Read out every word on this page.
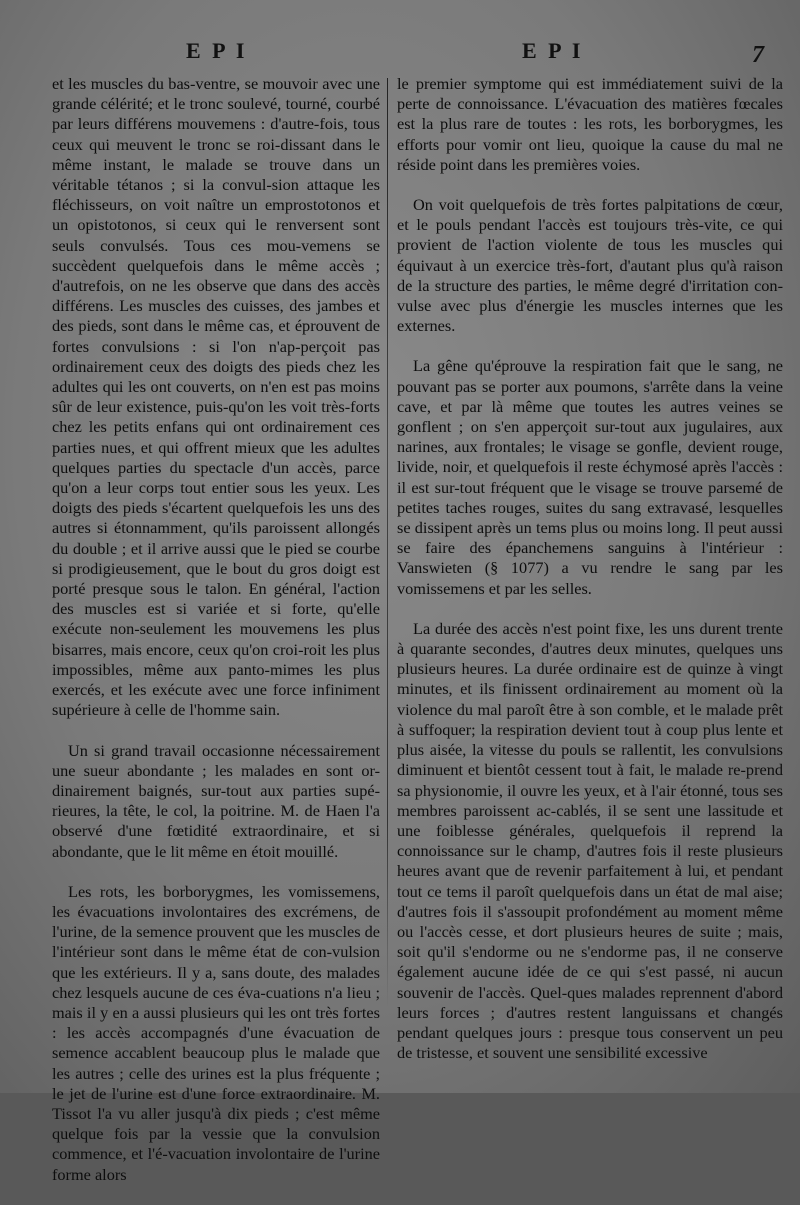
E P I	E P I	7

et les muscles du bas-ventre, se mouvoir avec une grande célérité; et le tronc soulevé, tourné, courbé par leurs différens mouvemens : d'autre-fois, tous ceux qui meuvent le tronc se roi-dissant dans le même instant, le malade se trouve dans un véritable tétanos ; si la convul-sion attaque les fléchisseurs, on voit naître un emprostotonos et un opistotonos, si ceux qui le renversent sont seuls convulsés. Tous ces mou-vemens se succèdent quelquefois dans le même accès ; d'autrefois, on ne les observe que dans des accès différens. Les muscles des cuisses, des jambes et des pieds, sont dans le même cas, et éprouvent de fortes convulsions : si l'on n'ap-perçoit pas ordinairement ceux des doigts des pieds chez les adultes qui les ont couverts, on n'en est pas moins sûr de leur existence, puis-qu'on les voit très-forts chez les petits enfans qui ont ordinairement ces parties nues, et qui offrent mieux que les adultes quelques parties du spectacle d'un accès, parce qu'on a leur corps tout entier sous les yeux. Les doigts des pieds s'écartent quelquefois les uns des autres si étonnamment, qu'ils paroissent allongés du double ; et il arrive aussi que le pied se courbe si prodigieusement, que le bout du gros doigt est porté presque sous le talon. En général, l'action des muscles est si variée et si forte, qu'elle exécute non-seulement les mouvemens les plus bisarres, mais encore, ceux qu'on croi-roit les plus impossibles, même aux panto-mimes les plus exercés, et les exécute avec une force infiniment supérieure à celle de l'homme sain.

Un si grand travail occasionne nécessairement une sueur abondante ; les malades en sont or-dinairement baignés, sur-tout aux parties supé-rieures, la tête, le col, la poitrine. M. de Haen l'a observé d'une fœtidité extraordinaire, et si abondante, que le lit même en étoit mouillé.

Les rots, les borborygmes, les vomissemens, les évacuations involontaires des excrémens, de l'urine, de la semence prouvent que les muscles de l'intérieur sont dans le même état de con-vulsion que les extérieurs. Il y a, sans doute, des malades chez lesquels aucune de ces éva-cuations n'a lieu ; mais il y en a aussi plusieurs qui les ont très fortes : les accès accompagnés d'une évacuation de semence accablent beaucoup plus le malade que les autres ; celle des urines est la plus fréquente ; le jet de l'urine est d'une force extraordinaire. M. Tissot l'a vu aller jusqu'à dix pieds ; c'est même quelque fois par la vessie que la convulsion commence, et l'é-vacuation involontaire de l'urine forme alors

le premier symptome qui est immédiatement suivi de la perte de connoissance. L'évacuation des matières fœcales est la plus rare de toutes : les rots, les borborygmes, les efforts pour vomir ont lieu, quoique la cause du mal ne réside point dans les premières voies.

On voit quelquefois de très fortes palpitations de cœur, et le pouls pendant l'accès est toujours très-vite, ce qui provient de l'action violente de tous les muscles qui équivaut à un exercice très-fort, d'autant plus qu'à raison de la structure des parties, le même degré d'irritation con-vulse avec plus d'énergie les muscles internes que les externes.

La gêne qu'éprouve la respiration fait que le sang, ne pouvant pas se porter aux poumons, s'arrête dans la veine cave, et par là même que toutes les autres veines se gonflent ; on s'en apperçoit sur-tout aux jugulaires, aux narines, aux frontales; le visage se gonfle, devient rouge, livide, noir, et quelquefois il reste échymosé après l'accès : il est sur-tout fréquent que le visage se trouve parsemé de petites taches rouges, suites du sang extravasé, lesquelles se dissipent après un tems plus ou moins long. Il peut aussi se faire des épanchemens sanguins à l'intérieur : Vanswieten (§ 1077) a vu rendre le sang par les vomissemens et par les selles.

La durée des accès n'est point fixe, les uns durent trente à quarante secondes, d'autres deux minutes, quelques uns plusieurs heures. La durée ordinaire est de quinze à vingt minutes, et ils finissent ordinairement au moment où la violence du mal paroît être à son comble, et le malade prêt à suffoquer; la respiration devient tout à coup plus lente et plus aisée, la vitesse du pouls se rallentit, les convulsions diminuent et bientôt cessent tout à fait, le malade re-prend sa physionomie, il ouvre les yeux, et à l'air étonné, tous ses membres paroissent ac-cablés, il se sent une lassitude et une foiblesse générales, quelquefois il reprend la connoissance sur le champ, d'autres fois il reste plusieurs heures avant que de revenir parfaitement à lui, et pendant tout ce tems il paroît quelquefois dans un état de mal aise; d'autres fois il s'assoupit profondément au moment même ou l'accès cesse, et dort plusieurs heures de suite ; mais, soit qu'il s'endorme ou ne s'endorme pas, il ne conserve également aucune idée de ce qui s'est passé, ni aucun souvenir de l'accès. Quel-ques malades reprennent d'abord leurs forces ; d'autres restent languissans et changés pendant quelques jours : presque tous conservent un peu de tristesse, et souvent une sensibilité excessive
